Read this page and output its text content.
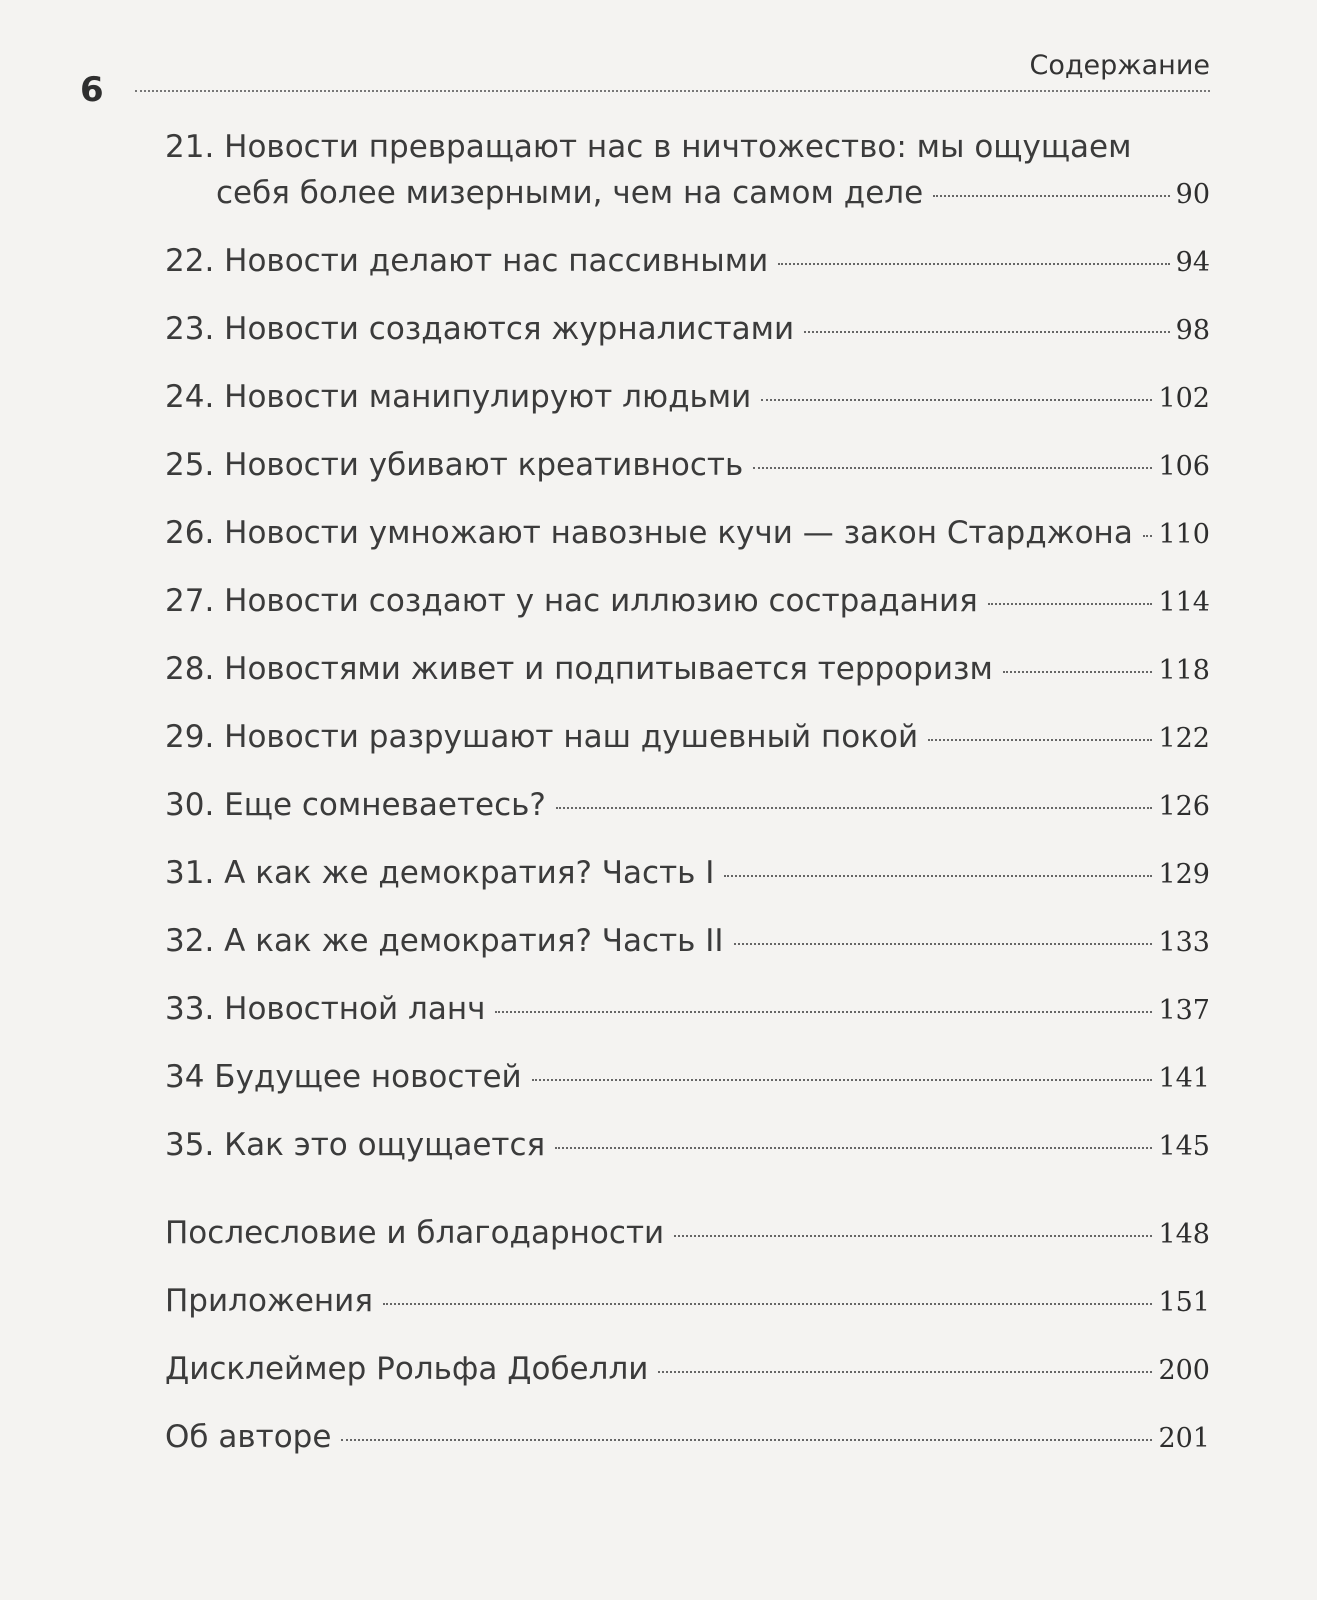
6
Содержание
21. Новости превращают нас в ничтожество: мы ощущаем
себя более мизерными, чем на самом деле	90
22. Новости делают нас пассивными	94
23. Новости создаются журналистами	98
24. Новости манипулируют людьми	102
25. Новости убивают креативность	106
26. Новости умножают навозные кучи — закон Старджона 110
27. Новости создают у нас иллюзию сострадания	114
28. Новостями живет и подпитывается терроризм	118
29. Новости разрушают наш душевный покой	122
30. Еще сомневаетесь?	126
31. А как же демократия? Часть I	129
32. А как же демократия? Часть II	133
33. Новостной ланч	137
34 Будущее новостей	141
35. Как это ощущается	145
Послесловие и благодарности	148
Приложения	151
Дисклеймер Рольфа Добелли	200
Об авторе	201
